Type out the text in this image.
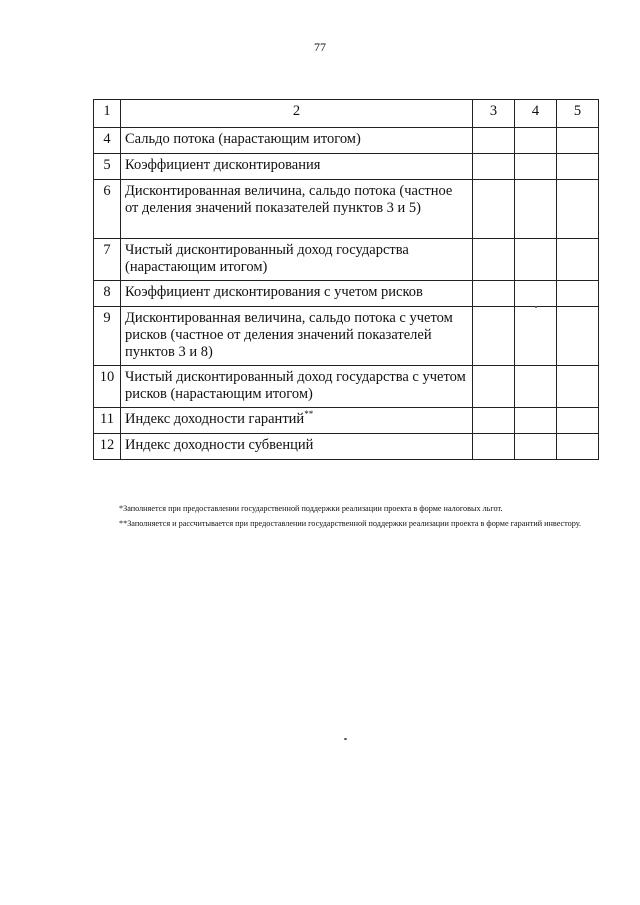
77
1	2	3	4	5
4	Сальдо потока (нарастающим итогом)			
5	Коэффициент дисконтирования			
6	Дисконтированная величина, сальдо потока (частное от деления значений показателей пунктов 3 и 5)			
7	Чистый дисконтированный доход государства (нарастающим итогом)			
8	Коэффициент дисконтирования с учетом рисков			
9	Дисконтированная величина, сальдо потока с учетом рисков (частное от деления значений показателей пунктов 3 и 8)			
10	Чистый дисконтированный доход государства с учетом рисков (нарастающим итогом)			
11	Индекс доходности гарантий**			
12	Индекс доходности субвенций			

*Заполняется при предоставлении государственной поддержки реализации проекта в форме налоговых льгот.

**Заполняется и рассчитывается при предоставлении государственной поддержки реализации проекта в форме гарантий инвестору.
